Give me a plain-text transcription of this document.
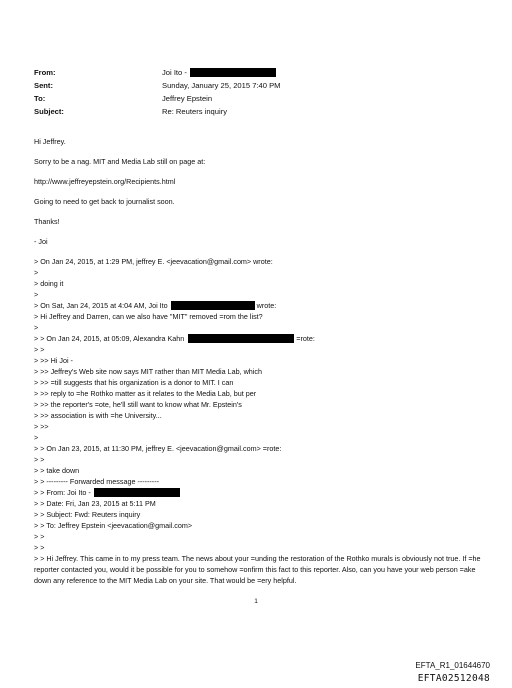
From:	Joi Ito -
Sent:	Sunday, January 25, 2015 7:40 PM
To:	Jeffrey Epstein
Subject:	Re: Reuters inquiry
Hi Jeffrey.
Sorry to be a nag. MIT and Media Lab still on page at:
http://www.jeffreyepstein.org/Recipients.html
Going to need to get back to journalist soon.
Thanks!
- Joi
> On Jan 24, 2015, at 1:29 PM, jeffrey E. <jeevacation@gmail.com> wrote:
>
> doing it
>
> On Sat, Jan 24, 2015 at 4:04 AM, Joi Ito	wrote:
> Hi Jeffrey and Darren, can we also have "MIT" removed =rom the list?
>
> > On Jan 24, 2015, at 05:09, Alexandra Kahn	=rote:
> >
> >> Hi Joi -
> >> Jeffrey's Web site now says MIT rather than MIT Media Lab, which
> >> =till suggests that his organization is a donor to MIT. I can
> >> reply to =he Rothko matter as it relates to the Media Lab, but per
> >> the reporter's =ote, he'll still want to know what Mr. Epstein's
> >> association is with =he University...
> >>
>
> > On Jan 23, 2015, at 11:30 PM, jeffrey E. <jeevacation@gmail.com> =rote:
> >
> > take down
> > --------- Forwarded message ---------
> > From: Joi Ito -
> > Date: Fri, Jan 23, 2015 at 5:11 PM
> > Subject: Fwd: Reuters inquiry
> > To: Jeffrey Epstein <jeevacation@gmail.com>
> >
> >
> > Hi Jeffrey. This came in to my press team. The news about your =unding the restoration of the Rothko murals is obviously not true. If =he reporter contacted you, would it be possible for you to somehow =onfirm this fact to this reporter. Also, can you have your web person =ake down any reference to the MIT Media Lab on your site. That would be =ery helpful.
1
EFTA_R1_01644670
EFTA02512048
